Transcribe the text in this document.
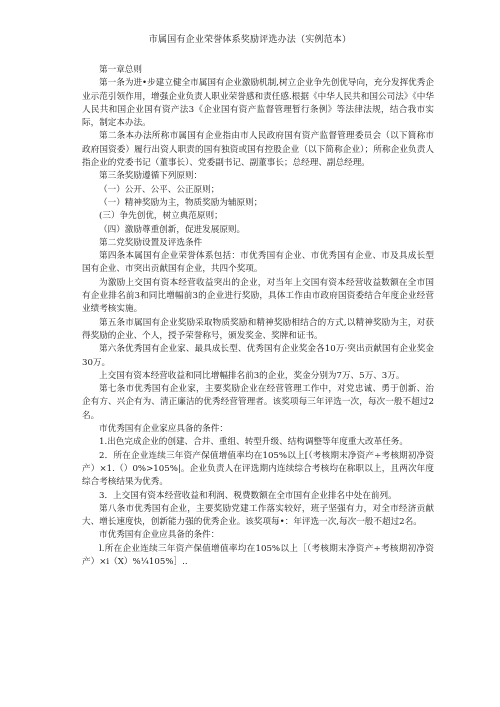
市属国有企业荣誉体系奖励评选办法（实例范本）

第一章总则

第一条为进•步建立健全市属国有企业激励机制,树立企业争先创优导向，充分发挥优秀企业示范引领作用，增强企业负责人职业荣誉感和责任感.根据《中华人民共和国公司法》《中华人民共和国企业国有资产法3《企业国有资产监督管理暂行条例》等法律法规，结合我市实际，制定本办法。

第二条本办法所称市属国有企业指由市人民政府国有资产监督管理委员会（以下简称市政府国资委）履行出资人职责的国有独资或国有控股企业（以下简称企业）；所称企业负责人指企业的党委书记（董事长）、党委副书记、副董事长；总经理、副总经理。

第三条奖励遵循下列原则：

（一）公开、公平、公正原则；

（一）精神奖励为主，物质奖励为辅原则；

(三）争先创优，树立典范原则；

（四）激励尊重创新，促进发展原则。

第二党奖励设置及评选条件

第四条本属国有企业荣誉体系包括：市优秀国有企业、市优秀国有企业、市及具成长型国有企业、市突出贡献国有企业，共四个奖项。

为激励上交国有资本经营收益突出的企业，对当年上交国有资本经营收益数额在全市国有企业排名前3和同比增幅前3的企业进行奖励，具体工作由市政府国资委结合年度企业经营业绩考核实施。

第五条市属国有企业奖励采取物质奖励和精神奖励相结合的方式,以精神奖励为主，对获得奖励的企业、个人，授予荣誉称号，颁发奖金、奖牌和证书。

第六条优秀国有企业家、最具成长型、优秀国有企业奖金各10万·突出贡献国有企业奖金30万。

上交国有资本经营收益和同比增幅排名前3的企业，奖金分别为7万、5万、3万。

第七条市优秀国有企业家，主要奖励企业在经营管理工作中，对党忠诚、勇于创新、治企有方、兴企有为、清正廉洁的优秀经营管理者。该奖项每三年评选一次，每次一般不超过2名。

市优秀国有企业家应具备的条件：

1.出色完成企业的创建、合并、重组、转型升级、结构调整等年度重大改革任务。

2．所在企业连续三年资产保值增值率均在105%以上[（考核期末净资产÷考核期初净资产）×1.（）0%>105%|。企业负责人在评选期内连续综合考核均在称职以上，且两次年度综合考核结果为优秀。

3．上交国有资本经营收益和利润、税费数额在全市国有企业排名中处在前列。

第八条市优秀国有企业，主要奖励党建工作落实较好，班子坚强有力，对全市经济贡献大、增长速度快，创新能力强的优秀企业。该奖项每•：年评选一次,每次一般不超过2名。

市优秀国有企业应具备的条件：

l.所在企业连续三年资产保值增值率均在105%以上［（考核期末净资产÷考核期初净资产）×i（X）%¼105%］..
